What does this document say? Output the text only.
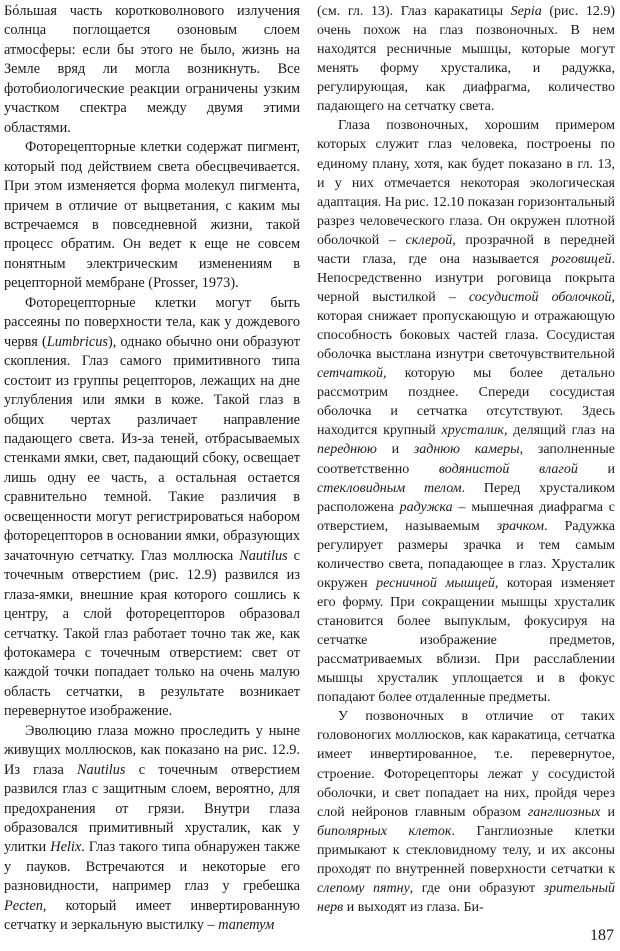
Бóльшая часть коротковолнового излучения солнца поглощается озоновым слоем атмосферы: если бы этого не было, жизнь на Земле вряд ли могла возникнуть. Все фотобиологические реакции ограничены узким участком спектра между двумя этими областями.

Фоторецепторные клетки содержат пигмент, который под действием света обесцвечивается. При этом изменяется форма молекул пигмента, причем в отличие от выцветания, с каким мы встречаемся в повседневной жизни, такой процесс обратим. Он ведет к еще не совсем понятным электрическим изменениям в рецепторной мембране (Prosser, 1973).

Фоторецепторные клетки могут быть рассеяны по поверхности тела, как у дождевого червя (Lumbricus), однако обычно они образуют скопления. Глаз самого примитивного типа состоит из группы рецепторов, лежащих на дне углубления или ямки в коже. Такой глаз в общих чертах различает направление падающего света. Из-за теней, отбрасываемых стенками ямки, свет, падающий сбоку, освещает лишь одну ее часть, а остальная остается сравнительно темной. Такие различия в освещенности могут регистрироваться набором фоторецепторов в основании ямки, образующих зачаточную сетчатку. Глаз моллюска Nautilus с точечным отверстием (рис. 12.9) развился из глаза-ямки, внешние края которого сошлись к центру, а слой фоторецепторов образовал сетчатку. Такой глаз работает точно так же, как фотокамера с точечным отверстием: свет от каждой точки попадает только на очень малую область сетчатки, в результате возникает перевернутое изображение.

Эволюцию глаза можно проследить у ныне живущих моллюсков, как показано на рис. 12.9. Из глаза Nautilus с точечным отверстием развился глаз с защитным слоем, вероятно, для предохранения от грязи. Внутри глаза образовался примитивный хрусталик, как у улитки Helix. Глаз такого типа обнаружен также у пауков. Встречаются и некоторые его разновидности, например глаз у гребешка Pecten, который имеет инвертированную сетчатку и зеркальную выстилку – тапетум

(см. гл. 13). Глаз каракатицы Sepia (рис. 12.9) очень похож на глаз позвоночных. В нем находятся ресничные мышцы, которые могут менять форму хрусталика, и радужка, регулирующая, как диафрагма, количество падающего на сетчатку света.

Глаза позвоночных, хорошим примером которых служит глаз человека, построены по единому плану, хотя, как будет показано в гл. 13, и у них отмечается некоторая экологическая адаптация. На рис. 12.10 показан горизонтальный разрез человеческого глаза. Он окружен плотной оболочкой – склерой, прозрачной в передней части глаза, где она называется роговицей. Непосредственно изнутри роговица покрыта черной выстилкой – сосудистой оболочкой, которая снижает пропускающую и отражающую способность боковых частей глаза. Сосудистая оболочка выстлана изнутри светочувствительной сетчаткой, которую мы более детально рассмотрим позднее. Спереди сосудистая оболочка и сетчатка отсутствуют. Здесь находится крупный хрусталик, делящий глаз на переднюю и заднюю камеры, заполненные соответственно водянистой влагой и стекловидным телом. Перед хрусталиком расположена радужка – мышечная диафрагма с отверстием, называемым зрачком. Радужка регулирует размеры зрачка и тем самым количество света, попадающее в глаз. Хрусталик окружен ресничной мышцей, которая изменяет его форму. При сокращении мышцы хрусталик становится более выпуклым, фокусируя на сетчатке изображение предметов, рассматриваемых вблизи. При расслаблении мышцы хрусталик уплощается и в фокус попадают более отдаленные предметы.

У позвоночных в отличие от таких головоногих моллюсков, как каракатица, сетчатка имеет инвертированное, т.е. перевернутое, строение. Фоторецепторы лежат у сосудистой оболочки, и свет попадает на них, пройдя через слой нейронов главным образом ганглиозных и биполярных клеток. Ганглиозные клетки примыкают к стекловидному телу, и их аксоны проходят по внутренней поверхности сетчатки к слепому пятну, где они образуют зрительный нерв и выходят из глаза. Би-

187
